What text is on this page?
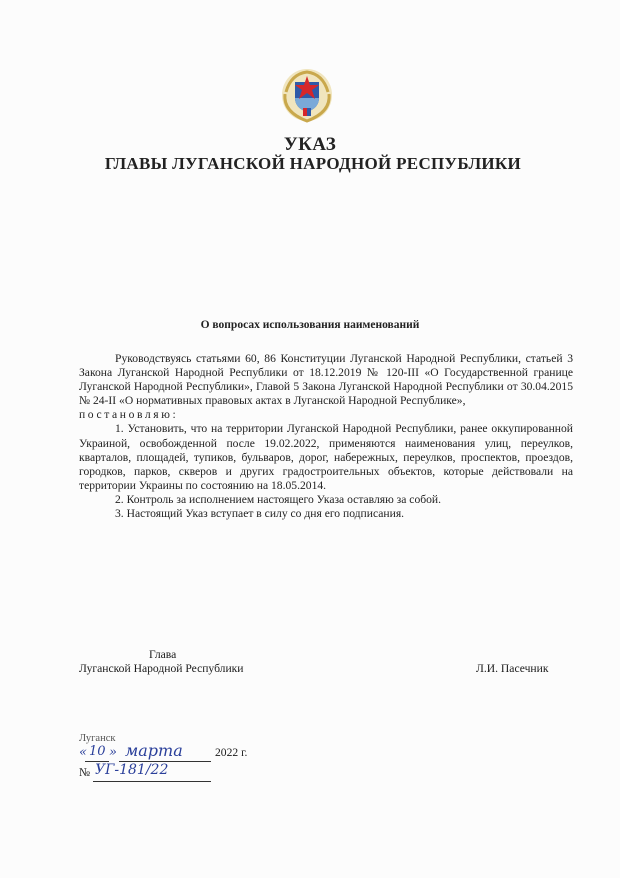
УКАЗ
ГЛАВЫ ЛУГАНСКОЙ НАРОДНОЙ РЕСПУБЛИКИ
О вопросах использования наименований

Руководствуясь статьями 60, 86 Конституции Луганской Народной Республики, статьей 3 Закона Луганской Народной Республики от 18.12.2019 № 120-III «О Государственной границе Луганской Народной Республики», Главой 5 Закона Луганской Народной Республики от 30.04.2015 № 24-II «О нормативных правовых актах в Луганской Народной Республике»,

постановляю:

1. Установить, что на территории Луганской Народной Республики, ранее оккупированной Украиной, освобожденной после 19.02.2022, применяются наименования улиц, переулков, кварталов, площадей, тупиков, бульваров, дорог, набережных, переулков, проспектов, проездов, городков, парков, скверов и других градостроительных объектов, которые действовали на территории Украины по состоянию на 18.05.2014.

2. Контроль за исполнением настоящего Указа оставляю за собой.

3. Настоящий Указ вступает в силу со дня его подписания.

Глава
Луганской Народной Республики	Л.И. Пасечник
Луганск
« 10 » марта	2022 г.
№ УГ-181/22
